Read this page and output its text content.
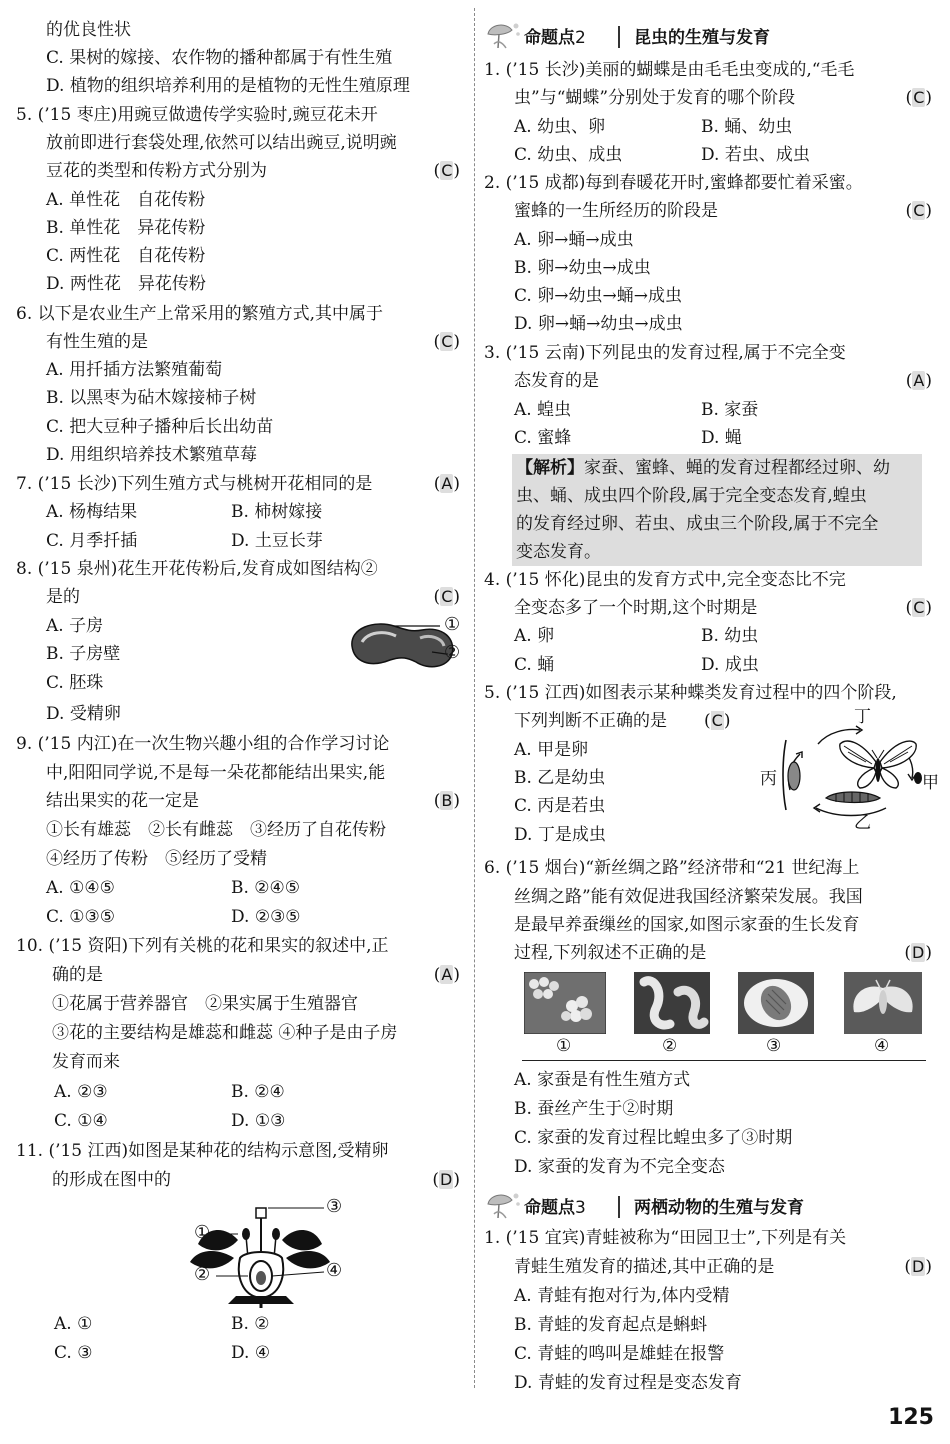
的优良性状
C. 果树的嫁接、农作物的播种都属于有性生殖
D. 植物的组织培养利用的是植物的无性生殖原理
5. (’15 枣庄)用豌豆做遗传学实验时,豌豆花未开
放前即进行套袋处理,依然可以结出豌豆,说明豌
豆花的类型和传粉方式分别为	(C)
A. 单性花　自花传粉
B. 单性花　异花传粉
C. 两性花　自花传粉
D. 两性花　异花传粉
6. 以下是农业生产上常采用的繁殖方式,其中属于
有性生殖的是	(C)
A. 用扦插方法繁殖葡萄
B. 以黑枣为砧木嫁接柿子树
C. 把大豆种子播种后长出幼苗
D. 用组织培养技术繁殖草莓
7. (’15 长沙)下列生殖方式与桃树开花相同的是	(A)
A. 杨梅结果	B. 柿树嫁接
C. 月季扦插	D. 土豆长芽
8. (’15 泉州)花生开花传粉后,发育成如图结构②
是的	(C)
A. 子房
B. 子房壁
C. 胚珠
D. 受精卵
①
②
9. (’15 内江)在一次生物兴趣小组的合作学习讨论
中,阳阳同学说,不是每一朵花都能结出果实,能
结出果实的花一定是	(B)
①长有雄蕊　②长有雌蕊　③经历了自花传粉
④经历了传粉　⑤经历了受精
A. ①④⑤	B. ②④⑤
C. ①③⑤	D. ②③⑤
10. (’15 资阳)下列有关桃的花和果实的叙述中,正
确的是	(A)
①花属于营养器官　②果实属于生殖器官
③花的主要结构是雄蕊和雌蕊 ④种子是由子房
发育而来
A. ②③	B. ②④
C. ①④	D. ①③
11. (’15 江西)如图是某种花的结构示意图,受精卵
的形成在图中的	(D)
①
②
③
④
A. ①	B. ②
C. ③	D. ④
命题点2	昆虫的生殖与发育
1. (’15 长沙)美丽的蝴蝶是由毛毛虫变成的,“毛毛
虫”与“蝴蝶”分别处于发育的哪个阶段	(C)
A. 幼虫、卵	B. 蛹、幼虫
C. 幼虫、成虫	D. 若虫、成虫
2. (’15 成都)每到春暖花开时,蜜蜂都要忙着采蜜。
蜜蜂的一生所经历的阶段是	(C)
A. 卵→蛹→成虫
B. 卵→幼虫→成虫
C. 卵→幼虫→蛹→成虫
D. 卵→蛹→幼虫→成虫
3. (’15 云南)下列昆虫的发育过程,属于不完全变
态发育的是	(A)
A. 蝗虫	B. 家蚕
C. 蜜蜂	D. 蝇
【解析】家蚕、蜜蜂、蝇的发育过程都经过卵、幼
虫、蛹、成虫四个阶段,属于完全变态发育,蝗虫
的发育经过卵、若虫、成虫三个阶段,属于不完全
变态发育。
4. (’15 怀化)昆虫的发育方式中,完全变态比不完
全变态多了一个时期,这个时期是	(C)
A. 卵	B. 幼虫
C. 蛹	D. 成虫
5. (’15 江西)如图表示某种蝶类发育过程中的四个阶段,
下列判断不正确的是 (C)
A. 甲是卵
B. 乙是幼虫
C. 丙是若虫
D. 丁是成虫
丁
丙	甲
乙
6. (’15 烟台)“新丝绸之路”经济带和“21 世纪海上
丝绸之路”能有效促进我国经济繁荣发展。我国
是最早养蚕缫丝的国家,如图示家蚕的生长发育
过程,下列叙述不正确的是	(D)
①	②	③	④
A. 家蚕是有性生殖方式
B. 蚕丝产生于②时期
C. 家蚕的发育过程比蝗虫多了③时期
D. 家蚕的发育为不完全变态
命题点3	两栖动物的生殖与发育
1. (’15 宜宾)青蛙被称为“田园卫士”,下列是有关
青蛙生殖发育的描述,其中正确的是	(D)
A. 青蛙有抱对行为,体内受精
B. 青蛙的发育起点是蝌蚪
C. 青蛙的鸣叫是雄蛙在报警
D. 青蛙的发育过程是变态发育
125
